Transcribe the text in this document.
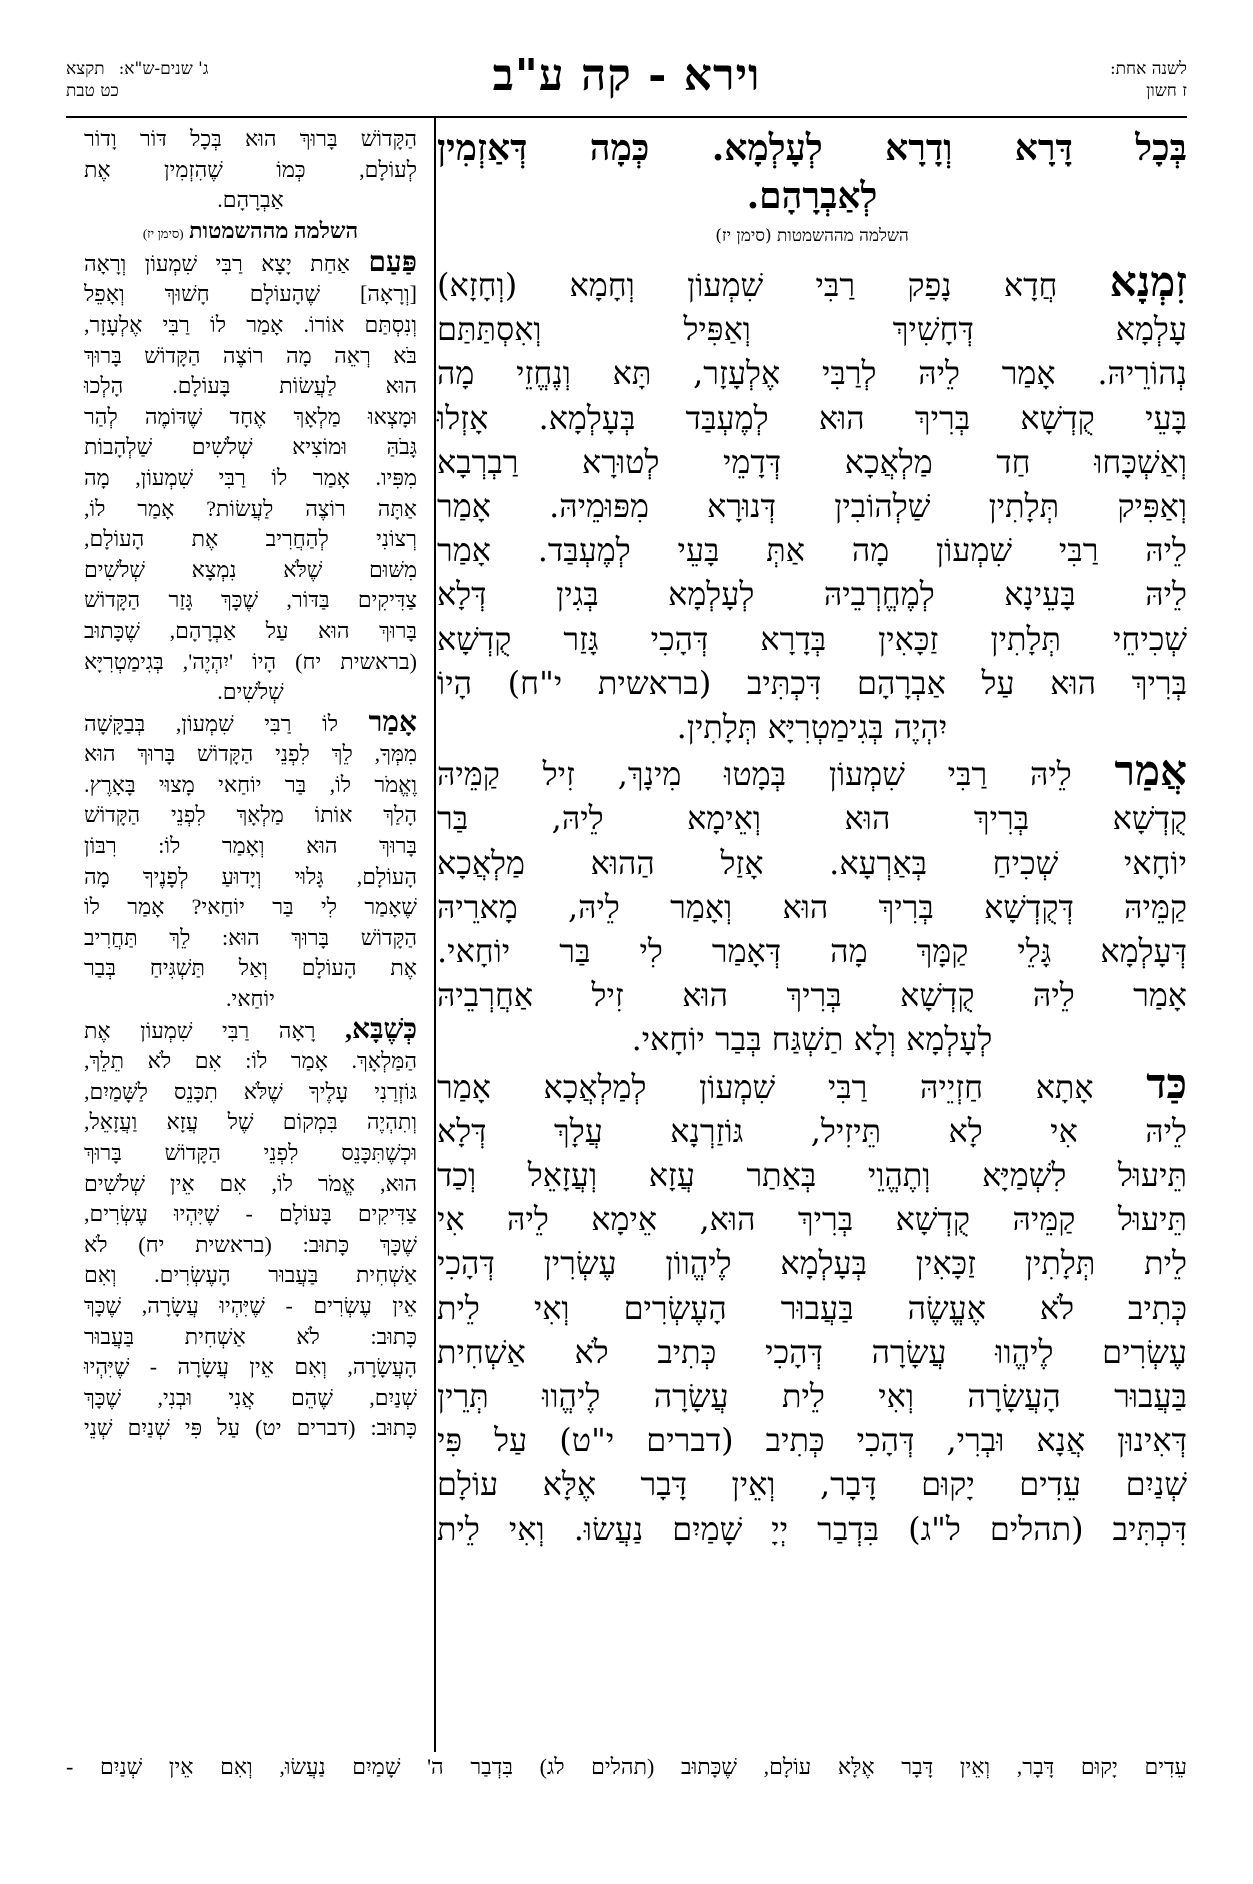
לשנה אחת:
ז חשון
וירא - קה ע"ב
ג' שנים-ש"א:
תקצא
כט טבת

בְּכָל דָּרָא וְדָרָא לְעָלְמָא. כְּמָה דְּאַזְמִין

לְאַבְרָהָם.

השלמה מההשמטות (סימן יז)

זִמְנָא חֲדָא נָפַק רַבִּי שִׁמְעוֹן וְחָמָא (וְחָזָא)

עָלְמָא דְּחָשִׁיךְ וְאַפִּיל וְאִסְתַּתַּם

נְהוֹרֵיהּ. אָמַר לֵיהּ לְרַבִּי אֶלְעָזָר, תָּא וְנֶחֱזֵי מָה

בָּעֵי קֻדְשָׁא בְּרִיךְ הוּא לְמֶעְבַּד בְּעָלְמָא. אָזְלוּ

וְאַשְׁכָּחוּ חַד מַלְאֲכָא דְּדָמֵי לְטוּרָא רַבְרְבָא

וְאַפִּיק תְּלָתִין שַׁלְהוֹבִין דְּנוּרָא מִפּוּמֵיהּ. אָמַר

לֵיהּ רַבִּי שִׁמְעוֹן מָה אַתְּ בָּעֵי לְמֶעְבַּד. אָמַר

לֵיהּ בָּעֵינָא לְמֶחֱרְבֵיהּ לְעָלְמָא בְּגִין דְּלָא

שְׁכִיחֵי תְּלָתִין זַכָּאִין בְּדָרָא דְּהָכִי גָּזַר קֻדְשָׁא

בְּרִיךְ הוּא עַל אַבְרָהָם דִּכְתִּיב (בראשית י"ח) הָיוֹ

יִהְיֶה בְּגִימַטְרִיָּא תְּלָתִין.

אֲמַר לֵיהּ רַבִּי שִׁמְעוֹן בְּמָטוּ מִינָךְ, זִיל קַמֵּיהּ

קֻדְשָׁא בְּרִיךְ הוּא וְאֵימָא לֵיהּ, בַּר

יוֹחָאי שְׁכִיחַ בְּאַרְעָא. אָזַל הַהוּא מַלְאֲכָא

קַמֵּיהּ דְּקֻדְשָׁא בְּרִיךְ הוּא וְאָמַר לֵיהּ, מָארֵיהּ

דְּעָלְמָא גָּלֵי קַמָּךְ מָה דְּאָמַר לִי בַּר יוֹחָאי.

אָמַר לֵיהּ קֻדְשָׁא בְּרִיךְ הוּא זִיל אַחֲרְבֵיהּ

לְעָלְמָא וְלָא תַשְׁגַּח בְּבַר יוֹחָאי.

כַּד אָתָא חַזְיֵיהּ רַבִּי שִׁמְעוֹן לְמַלְאֲכָא אָמַר

לֵיהּ אִי לָא תֵּיזִיל, גּוֹזַרְנָא עֲלָךְ דְּלָא

תֵּיעוּל לִשְׁמַיָּא וְתֶהֱוֵי בְּאַתַר עֲזָא וְעֲזָאֵל וְכַד

תֵּיעוּל קַמֵּיהּ קֻדְשָׁא בְּרִיךְ הוּא, אֵימָא לֵיהּ אִי

לֵית תְּלָתִין זַכָּאִין בְּעָלְמָא לֶיהֱווֹן עֶשְׂרִין דְּהָכִי

כְּתִיב לֹא אֶעֱשֶׂה בַּעֲבוּר הָעֶשְׂרִים וְאִי לֵית

עֶשְׂרִים לֶיהֱווּ עֲשָׂרָה דְּהָכִי כְּתִיב לֹא אַשְׁחִית

בַּעֲבוּר הָעֲשָׂרָה וְאִי לֵית עֲשָׂרָה לֶיהֱווּ תְּרֵין

דְּאִינוּן אֲנָא וּבְרִי, דְּהָכִי כְּתִיב (דברים י"ט) עַל פִּי

שְׁנַיִם עֵדִים יָקוּם דָּבָר, וְאֵין דָּבָר אֶלָּא עוֹלָם

דִּכְתִּיב (תהלים ל"ג) בִּדְבַר יְיָ שָׁמַיִם נַעֲשׂוּ. וְאִי לֵית

הַקָּדוֹשׁ בָּרוּךְ הוּא בְּכָל דּוֹר וָדוֹר

לְעוֹלָם, כְּמוֹ שֶׁהִזְמִין אֶת

אַבְרָהָם.

השלמה מההשמטות (סימן יז)

פַּעַם אַחַת יָצָא רַבִּי שִׁמְעוֹן וְרָאָה

[וְרָאָה] שֶׁהָעוֹלָם חָשׁוּךְ וְאָפֵל

וְנִסְתַּם אוֹרוֹ. אָמַר לוֹ רַבִּי אֶלְעָזָר,

בֹּא רְאֵה מָה רוֹצֶה הַקָּדוֹשׁ בָּרוּךְ

הוּא לַעֲשׂוֹת בָּעוֹלָם. הָלְכוּ

וּמָצְאוּ מַלְאָךְ אֶחָד שֶׁדּוֹמֶה לְהַר

גָּבֹהַּ וּמוֹצִיא שְׁלֹשִׁים שַׁלְהָבוֹת

מִפִּיו. אָמַר לוֹ רַבִּי שִׁמְעוֹן, מָה

אַתָּה רוֹצֶה לַעֲשׂוֹת? אָמַר לוֹ,

רְצוֹנִי לְהַחֲרִיב אֶת הָעוֹלָם,

מִשּׁוּם שֶׁלֹּא נִמְצָא שְׁלֹשִׁים

צַדִּיקִים בַּדּוֹר, שֶׁכָּךְ גָּזַר הַקָּדוֹשׁ

בָּרוּךְ הוּא עַל אַבְרָהָם, שֶׁכָּתוּב

(בראשית יח) הָיוֹ 'יִהְיֶה', בְּגִימַטְרִיָּא

שְׁלֹשִׁים.

אָמַר לוֹ רַבִּי שִׁמְעוֹן, בְּבַקָּשָׁה

מִמְּךָ, לֵךְ לִפְנֵי הַקָּדוֹשׁ בָּרוּךְ הוּא

וֶאֱמֹר לוֹ, בַּר יוֹחַאי מָצוּי בָּאָרֶץ.

הָלַךְ אוֹתוֹ מַלְאָךְ לִפְנֵי הַקָּדוֹשׁ

בָּרוּךְ הוּא וְאָמַר לוֹ: רִבּוֹן

הָעוֹלָם, גָּלוּי וְיָדוּעַ לְפָנֶיךָ מָה

שֶׁאָמַר לִי בַּר יוֹחַאי? אָמַר לוֹ

הַקָּדוֹשׁ בָּרוּךְ הוּא: לֵךְ תַּחֲרִיב

אֶת הָעוֹלָם וְאַל תַּשְׁגִּיחַ בְּבַר

יוֹחַאי.

כְּשֶׁבָּא, רָאָה רַבִּי שִׁמְעוֹן אֶת

הַמַּלְאָךְ. אָמַר לוֹ: אִם לֹא תֵלֵךְ,

גּוֹזְרַנִי עָלֶיךָ שֶׁלֹּא תִכָּנֵס לַשָּׁמַיִם,

וְתִהְיֶה בִּמְקוֹם שֶׁל עֲזָא וַעֲזָאֵל,

וּכְשֶׁתִּכָּנֵס לִפְנֵי הַקָּדוֹשׁ בָּרוּךְ

הוּא, אֱמֹר לוֹ, אִם אֵין שְׁלֹשִׁים

צַדִּיקִים בָּעוֹלָם - שֶׁיִּהְיוּ עֶשְׂרִים,

שֶׁכָּךְ כָּתוּב: (בראשית יח) לֹא

אַשְׁחִית בַּעֲבוּר הָעֶשְׂרִים. וְאִם

אֵין עֶשְׂרִים - שֶׁיִּהְיוּ עֲשָׂרָה, שֶׁכָּךְ

כָּתוּב: לֹא אַשְׁחִית בַּעֲבוּר

הָעֲשָׂרָה, וְאִם אֵין עֲשָׂרָה - שֶׁיִּהְיוּ

שְׁנַיִם, שֶׁהֵם אֲנִי וּבְנִי, שֶׁכָּךְ

כָּתוּב: (דברים יט) עַל פִּי שְׁנַיִם שְׁנֵי

עֵדִים יָקוּם דָּבָר, וְאֵין דָּבָר אֶלָּא עוֹלָם, שֶׁכָּתוּב (תהלים לג) בִּדְבַר ה' שָׁמַיִם נַעֲשׂוּ, וְאִם אֵין שְׁנַיִם -
